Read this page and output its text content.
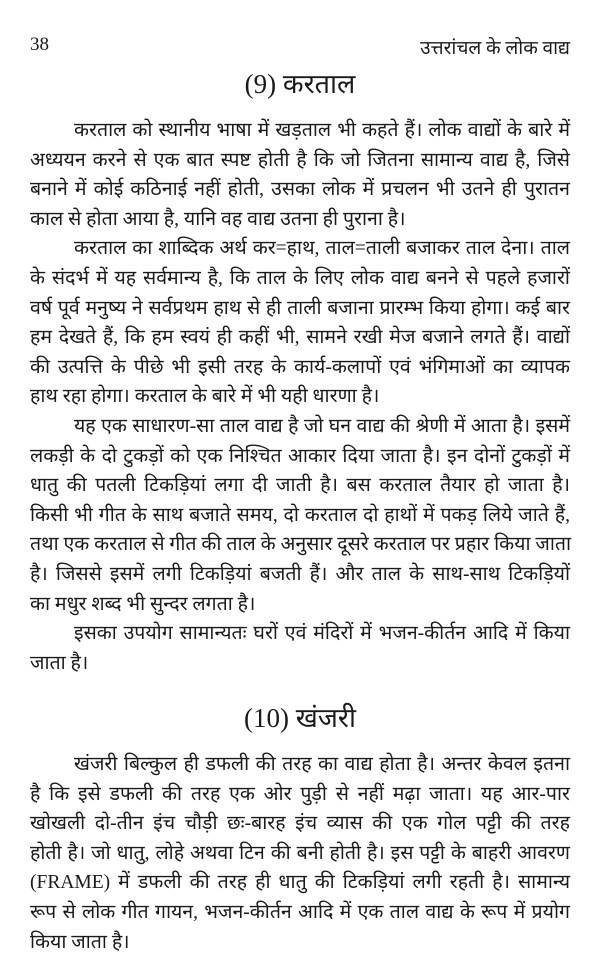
38	उत्तरांचल के लोक वाद्य
(9) करताल
करताल को स्थानीय भाषा में खड़ताल भी कहते हैं। लोक वाद्यों के बारे में
अध्ययन करने से एक बात स्पष्ट होती है कि जो जितना सामान्य वाद्य है, जिसे
बनाने में कोई कठिनाई नहीं होती, उसका लोक में प्रचलन भी उतने ही पुरातन
काल से होता आया है, यानि वह वाद्य उतना ही पुराना है।
करताल का शाब्दिक अर्थ कर=हाथ, ताल=ताली बजाकर ताल देना। ताल
के संदर्भ में यह सर्वमान्य है, कि ताल के लिए लोक वाद्य बनने से पहले हजारों
वर्ष पूर्व मनुष्य ने सर्वप्रथम हाथ से ही ताली बजाना प्रारम्भ किया होगा। कई बार
हम देखते हैं, कि हम स्वयं ही कहीं भी, सामने रखी मेज बजाने लगते हैं। वाद्यों
की उत्पत्ति के पीछे भी इसी तरह के कार्य-कलापों एवं भंगिमाओं का व्यापक
हाथ रहा होगा। करताल के बारे में भी यही धारणा है।
यह एक साधारण-सा ताल वाद्य है जो घन वाद्य की श्रेणी में आता है। इसमें
लकड़ी के दो टुकड़ों को एक निश्चित आकार दिया जाता है। इन दोनों टुकड़ों में
धातु की पतली टिकड़ियां लगा दी जाती है। बस करताल तैयार हो जाता है।
किसी भी गीत के साथ बजाते समय, दो करताल दो हाथों में पकड़ लिये जाते हैं,
तथा एक करताल से गीत की ताल के अनुसार दूसरे करताल पर प्रहार किया जाता
है। जिससे इसमें लगी टिकड़ियां बजती हैं। और ताल के साथ-साथ टिकड़ियों
का मधुर शब्द भी सुन्दर लगता है।
इसका उपयोग सामान्यतः घरों एवं मंदिरों में भजन-कीर्तन आदि में किया
जाता है।
(10) खंजरी
खंजरी बिल्कुल ही डफली की तरह का वाद्य होता है। अन्तर केवल इतना
है कि इसे डफली की तरह एक ओर पुड़ी से नहीं मढ़ा जाता। यह आर-पार
खोखली दो-तीन इंच चौड़ी छः-बारह इंच व्यास की एक गोल पट्टी की तरह
होती है। जो धातु, लोहे अथवा टिन की बनी होती है। इस पट्टी के बाहरी आवरण
(FRAME) में डफली की तरह ही धातु की टिकड़ियां लगी रहती है। सामान्य
रूप से लोक गीत गायन, भजन-कीर्तन आदि में एक ताल वाद्य के रूप में प्रयोग
किया जाता है।
